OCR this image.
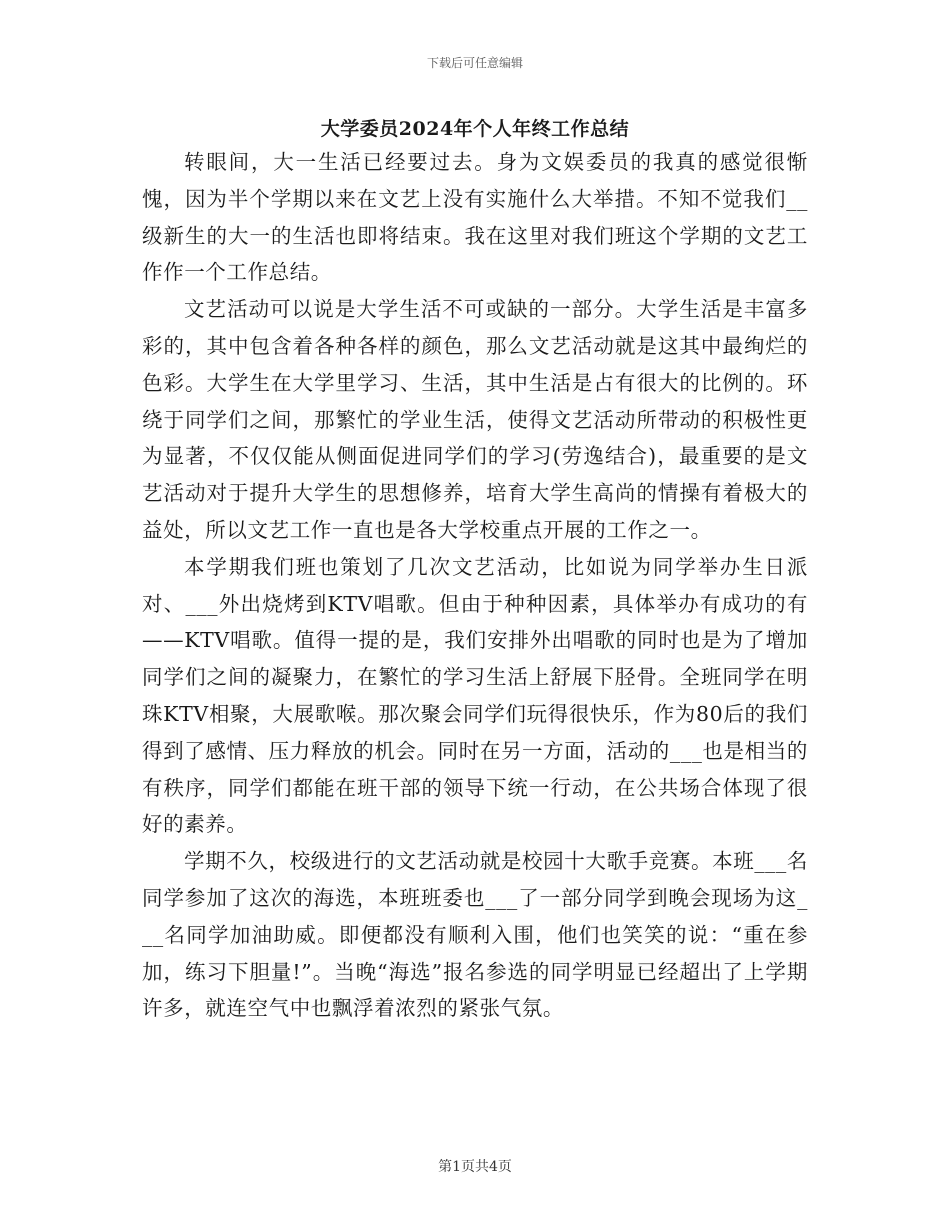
下载后可任意编辑
大学委员2024年个人年终工作总结

转眼间，大一生活已经要过去。身为文娱委员的我真的感觉很惭愧，因为半个学期以来在文艺上没有实施什么大举措。不知不觉我们__级新生的大一的生活也即将结束。我在这里对我们班这个学期的文艺工作作一个工作总结。

文艺活动可以说是大学生活不可或缺的一部分。大学生活是丰富多彩的，其中包含着各种各样的颜色，那么文艺活动就是这其中最绚烂的色彩。大学生在大学里学习、生活，其中生活是占有很大的比例的。环绕于同学们之间，那繁忙的学业生活，使得文艺活动所带动的积极性更为显著，不仅仅能从侧面促进同学们的学习(劳逸结合)，最重要的是文艺活动对于提升大学生的思想修养，培育大学生高尚的情操有着极大的益处，所以文艺工作一直也是各大学校重点开展的工作之一。

本学期我们班也策划了几次文艺活动，比如说为同学举办生日派对、___外出烧烤到KTV唱歌。但由于种种因素，具体举办有成功的有——KTV唱歌。值得一提的是，我们安排外出唱歌的同时也是为了增加同学们之间的凝聚力，在繁忙的学习生活上舒展下胫骨。全班同学在明珠KTV相聚，大展歌喉。那次聚会同学们玩得很快乐，作为80后的我们得到了感情、压力释放的机会。同时在另一方面，活动的___也是相当的有秩序，同学们都能在班干部的领导下统一行动，在公共场合体现了很好的素养。

学期不久，校级进行的文艺活动就是校园十大歌手竞赛。本班___名同学参加了这次的海选，本班班委也___了一部分同学到晚会现场为这___名同学加油助威。即便都没有顺利入围，他们也笑笑的说：“重在参加，练习下胆量!”。当晚“海选”报名参选的同学明显已经超出了上学期许多，就连空气中也飘浮着浓烈的紧张气氛。

第1页共4页
